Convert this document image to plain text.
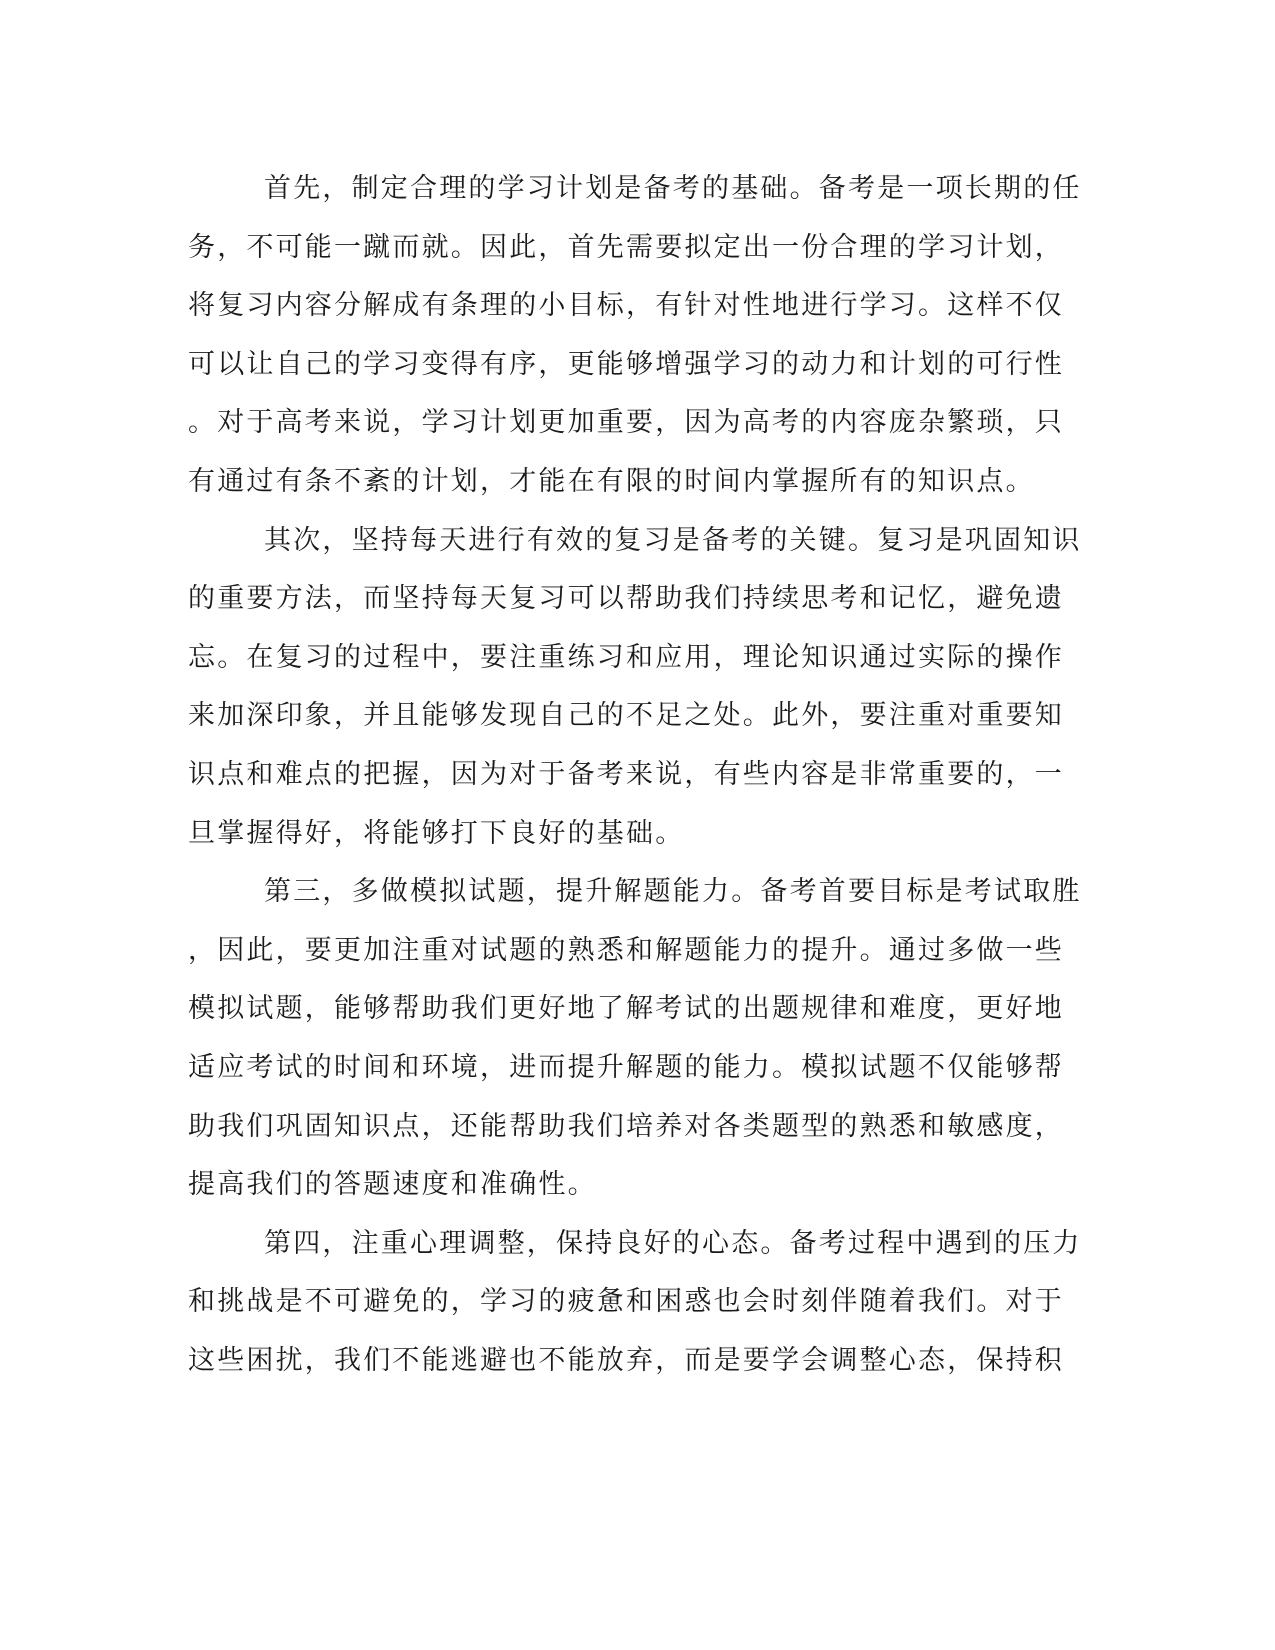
首先，制定合理的学习计划是备考的基础。备考是一项长期的任
务，不可能一蹴而就。因此，首先需要拟定出一份合理的学习计划，
将复习内容分解成有条理的小目标，有针对性地进行学习。这样不仅
可以让自己的学习变得有序，更能够增强学习的动力和计划的可行性
。对于高考来说，学习计划更加重要，因为高考的内容庞杂繁琐，只
有通过有条不紊的计划，才能在有限的时间内掌握所有的知识点。
其次，坚持每天进行有效的复习是备考的关键。复习是巩固知识
的重要方法，而坚持每天复习可以帮助我们持续思考和记忆，避免遗
忘。在复习的过程中，要注重练习和应用，理论知识通过实际的操作
来加深印象，并且能够发现自己的不足之处。此外，要注重对重要知
识点和难点的把握，因为对于备考来说，有些内容是非常重要的，一
旦掌握得好，将能够打下良好的基础。
第三，多做模拟试题，提升解题能力。备考首要目标是考试取胜
，因此，要更加注重对试题的熟悉和解题能力的提升。通过多做一些
模拟试题，能够帮助我们更好地了解考试的出题规律和难度，更好地
适应考试的时间和环境，进而提升解题的能力。模拟试题不仅能够帮
助我们巩固知识点，还能帮助我们培养对各类题型的熟悉和敏感度，
提高我们的答题速度和准确性。
第四，注重心理调整，保持良好的心态。备考过程中遇到的压力
和挑战是不可避免的，学习的疲惫和困惑也会时刻伴随着我们。对于
这些困扰，我们不能逃避也不能放弃，而是要学会调整心态，保持积
